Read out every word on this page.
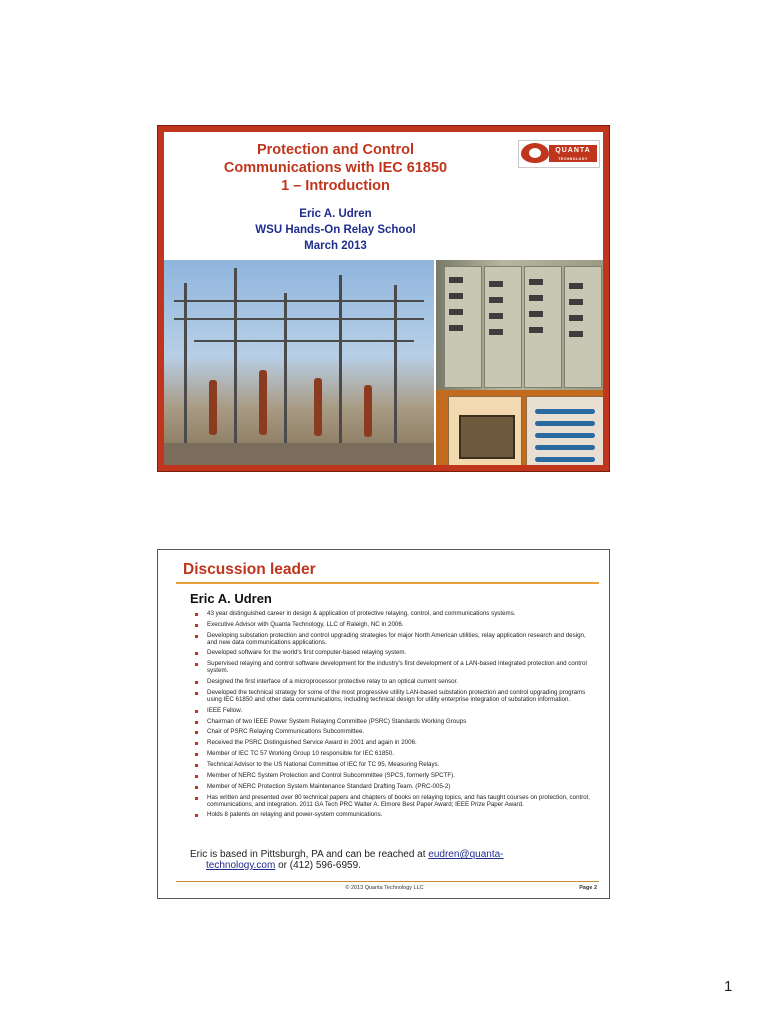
Protection and Control
Communications with IEC 61850
1 – Introduction
Eric A. Udren
WSU Hands-On Relay School
March 2013
QUANTA
TECHNOLOGY
Discussion leader
Eric A. Udren
43 year distinguished career in design & application of protective relaying, control, and communications systems.
Executive Advisor with Quanta Technology, LLC of Raleigh, NC in 2006.
Developing substation protection and control upgrading strategies for major North American utilities, relay application research and design, and new data communications applications.
Developed software for the world's first computer-based relaying system.
Supervised relaying and control software development for the industry's first development of a LAN-based integrated protection and control system.
Designed the first interface of a microprocessor protective relay to an optical current sensor.
Developed the technical strategy for some of the most progressive utility LAN-based substation protection and control upgrading programs using IEC 61850 and other data communications, including technical design for utility enterprise integration of substation information.
IEEE Fellow.
Chairman of two IEEE Power System Relaying Committee (PSRC) Standards Working Groups
Chair of PSRC Relaying Communications Subcommittee.
Received the PSRC Distinguished Service Award in 2001 and again in 2006.
Member of IEC TC 57 Working Group 10 responsible for IEC 61850.
Technical Advisor to the US National Committee of IEC for TC 95, Measuring Relays.
Member of NERC System Protection and Control Subcommittee (SPCS, formerly SPCTF).
Member of NERC Protection System Maintenance Standard Drafting Team. (PRC-005-2)
Has written and presented over 80 technical papers and chapters of books on relaying topics, and has taught courses on protection, control, communications, and integration. 2011 GA Tech PRC Walter A. Elmore Best Paper Award; IEEE Prize Paper Award.
Holds 8 patents on relaying and power-system communications.
Eric is based in Pittsburgh, PA and can be reached at eudren@quanta-
technology.com or (412) 596-6959.
© 2013 Quanta Technology LLC	Page 2
1
